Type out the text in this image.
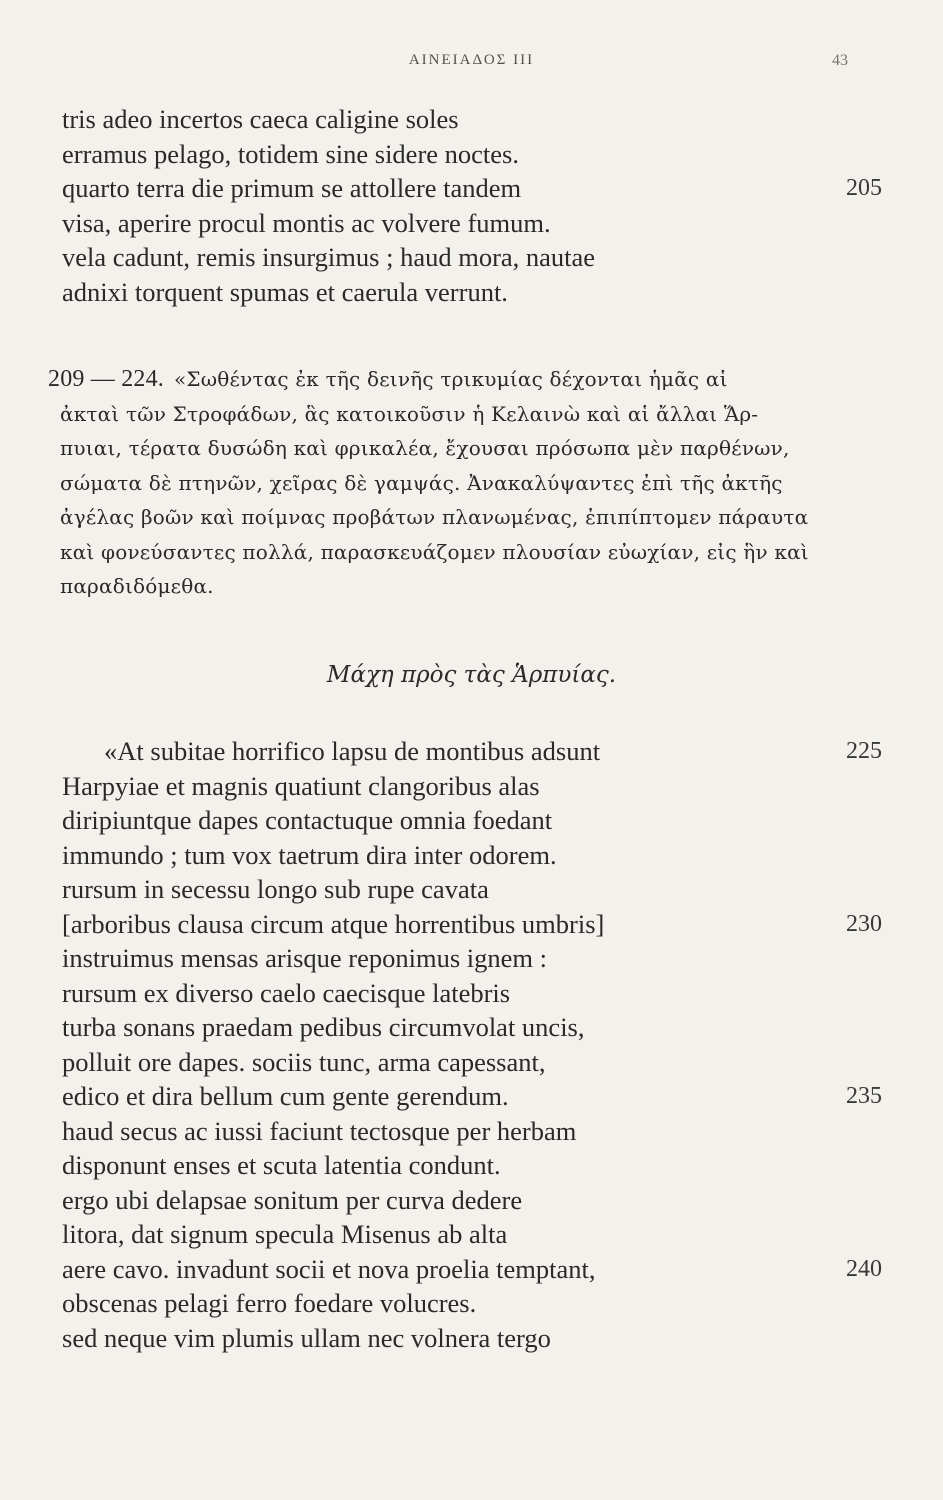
ΑΙΝΕΙΑΔΟΣ III	43
tris adeo incertos caeca caligine soles
erramus pelago, totidem sine sidere noctes.
quarto terra die primum se attollere tandem	205
visa, aperire procul montis ac volvere fumum.
vela cadunt, remis insurgimus ; haud mora, nautae
adnixi torquent spumas et caerula verrunt.
209 — 224. «Σωθέντας ἐκ τῆς δεινῆς τρικυμίας δέχονται ἡμᾶς αἱ
ἀκταὶ τῶν Στροφάδων, ἃς κατοικοῦσιν ἡ Κελαινὼ καὶ αἱ ἄλλαι Ἅρ-
πυιαι, τέρατα δυσώδη καὶ φρικαλέα, ἔχουσαι πρόσωπα μὲν παρθένων,
σώματα δὲ πτηνῶν, χεῖρας δὲ γαμψάς. Ἀνακαλύψαντες ἐπὶ τῆς ἀκτῆς
ἀγέλας βοῶν καὶ ποίμνας προβάτων πλανωμένας, ἐπιπίπτομεν πάραυτα
καὶ φονεύσαντες πολλά, παρασκευάζομεν πλουσίαν εὐωχίαν, εἰς ἣν καὶ
παραδιδόμεθα.
Μάχη πρὸς τὰς Ἁρπυίας.
«At subitae horrifico lapsu de montibus adsunt	225
Harpyiae et magnis quatiunt clangoribus alas
diripiuntque dapes contactuque omnia foedant
immundo ; tum vox taetrum dira inter odorem.
rursum in secessu longo sub rupe cavata
[arboribus clausa circum atque horrentibus umbris]	230
instruimus mensas arisque reponimus ignem :
rursum ex diverso caelo caecisque latebris
turba sonans praedam pedibus circumvolat uncis,
polluit ore dapes. sociis tunc, arma capessant,
edico et dira bellum cum gente gerendum.	235
haud secus ac iussi faciunt tectosque per herbam
disponunt enses et scuta latentia condunt.
ergo ubi delapsae sonitum per curva dedere
litora, dat signum specula Misenus ab alta
aere cavo. invadunt socii et nova proelia temptant,	240
obscenas pelagi ferro foedare volucres.
sed neque vim plumis ullam nec volnera tergo
